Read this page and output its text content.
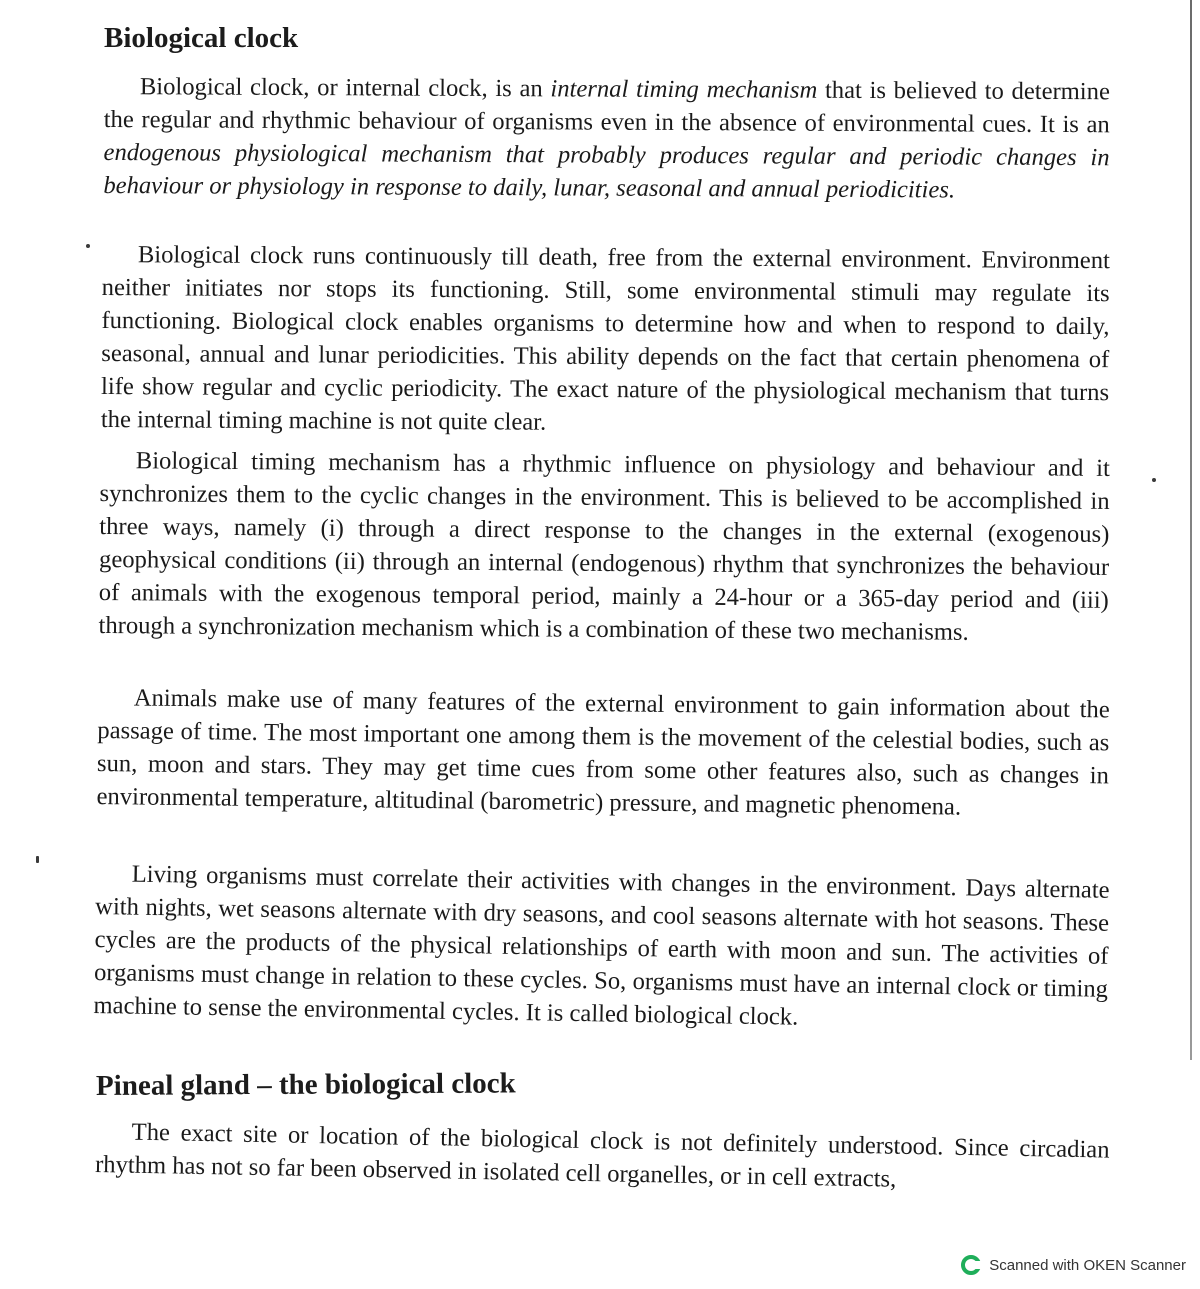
Biological clock

Biological clock, or internal clock, is an internal timing mechanism that is believed to determine the regular and rhythmic behaviour of organisms even in the absence of environmental cues. It is an endogenous physiological mechanism that probably produces regular and periodic changes in behaviour or physiology in response to daily, lunar, seasonal and annual periodicities.

Biological clock runs continuously till death, free from the external environment. Environment neither initiates nor stops its functioning. Still, some environmental stimuli may regulate its functioning. Biological clock enables organisms to determine how and when to respond to daily, seasonal, annual and lunar periodicities. This ability depends on the fact that certain phenomena of life show regular and cyclic periodicity. The exact nature of the physiological mechanism that turns the internal timing machine is not quite clear.

Biological timing mechanism has a rhythmic influence on physiology and behaviour and it synchronizes them to the cyclic changes in the environment. This is believed to be accomplished in three ways, namely (i) through a direct response to the changes in the external (exogenous) geophysical conditions (ii) through an internal (endogenous) rhythm that synchronizes the behaviour of animals with the exogenous temporal period, mainly a 24-hour or a 365-day period and (iii) through a synchronization mechanism which is a combination of these two mechanisms.

Animals make use of many features of the external environment to gain information about the passage of time. The most important one among them is the movement of the celestial bodies, such as sun, moon and stars. They may get time cues from some other features also, such as changes in environmental temperature, altitudinal (barometric) pressure, and magnetic phenomena.

Living organisms must correlate their activities with changes in the environment. Days alternate with nights, wet seasons alternate with dry seasons, and cool seasons alternate with hot seasons. These cycles are the products of the physical relationships of earth with moon and sun. The activities of organisms must change in relation to these cycles. So, organisms must have an internal clock or timing machine to sense the environmental cycles. It is called biological clock.

Pineal gland – the biological clock

The exact site or location of the biological clock is not definitely understood. Since circadian rhythm has not so far been observed in isolated cell organelles, or in cell extracts,

Scanned with OKEN Scanner
